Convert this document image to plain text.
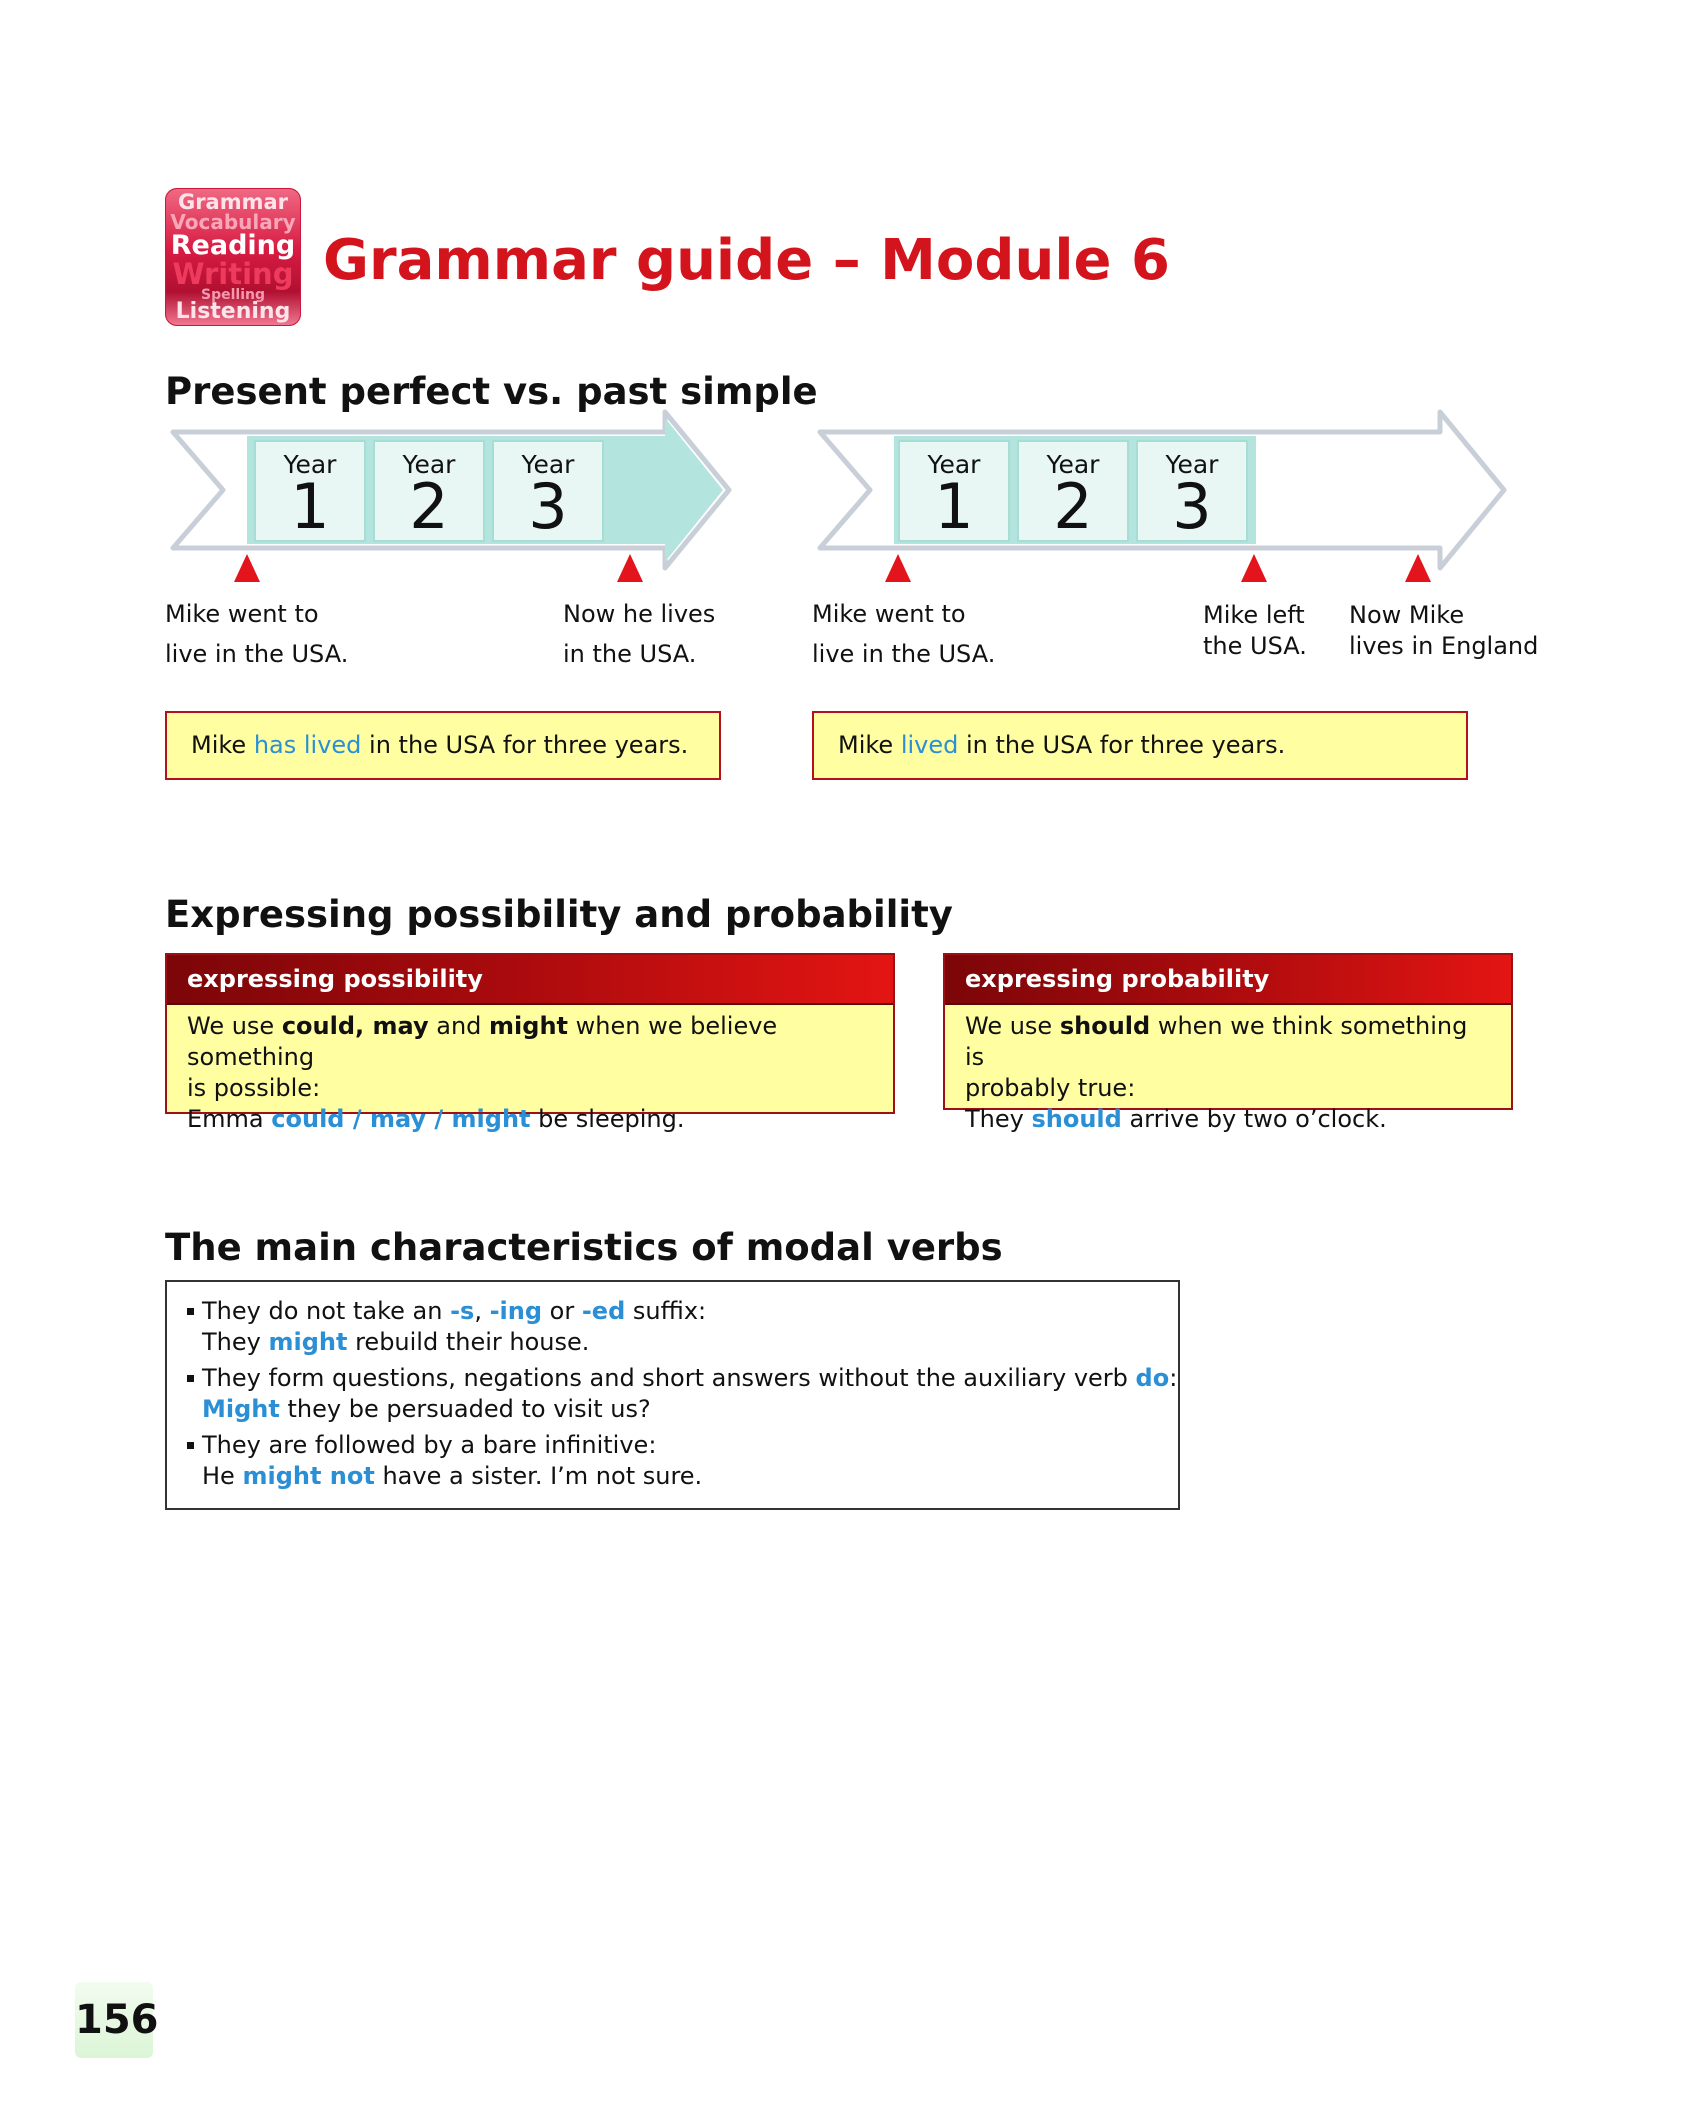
Grammar
Vocabulary
Reading
Writing
Spelling
Listening
Grammar guide – Module 6
Present perfect vs. past simple
Year
1
Year
2
Year
3
Mike went to
live in the USA.
Now he lives
in the USA.
Mike has lived in the USA for three years.
Year
1
Year
2
Year
3
Mike went to
live in the USA.
Mike left
the USA.
Now Mike
lives in England
Mike lived in the USA for three years.
Expressing possibility and probability
expressing possibility
We use could, may and might when we believe something
is possible:
Emma could / may / might be sleeping.
expressing probability
We use should when we think something is
probably true:
They should arrive by two o’clock.
The main characteristics of modal verbs
They do not take an -s, -ing or -ed suffix:
They might rebuild their house.
They form questions, negations and short answers without the auxiliary verb do:
Might they be persuaded to visit us?
They are followed by a bare infinitive:
He might not have a sister. I’m not sure.
156
